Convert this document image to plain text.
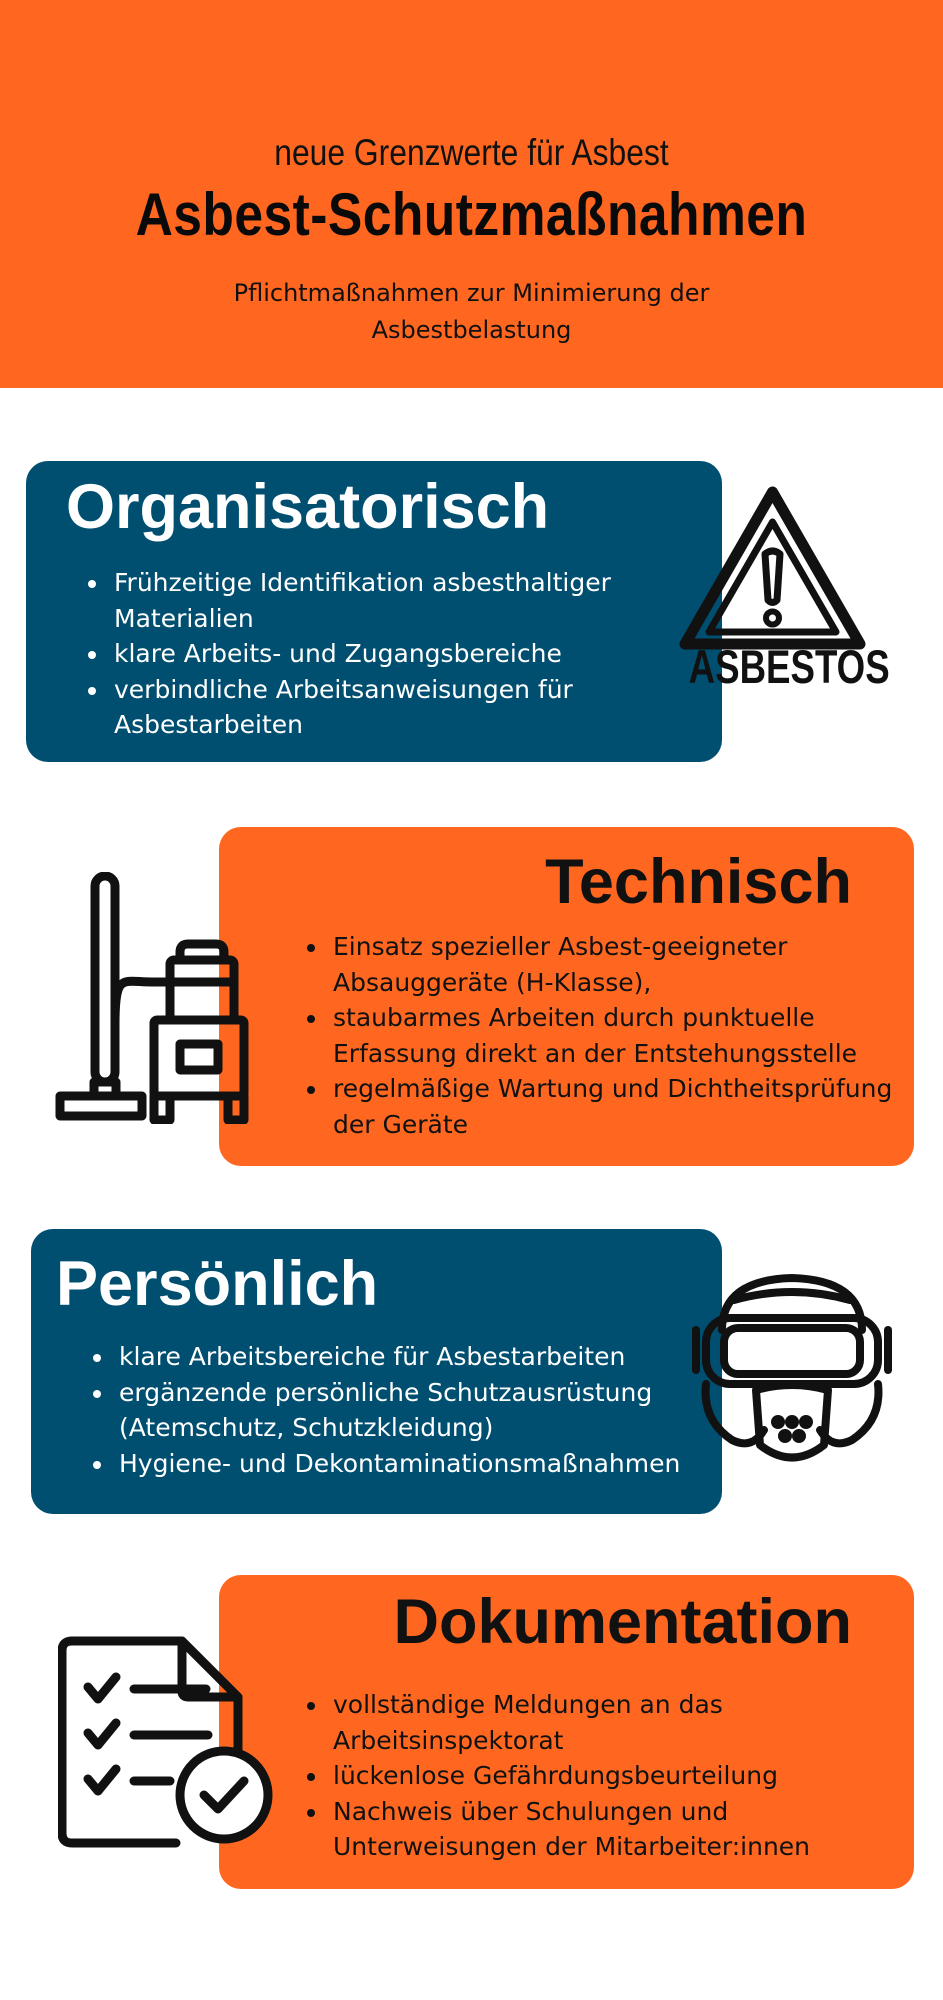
neue Grenzwerte für Asbest
Asbest-Schutzmaßnahmen
Pflichtmaßnahmen zur Minimierung der Asbestbelastung
Organisatorisch
• Frühzeitige Identifikation asbesthaltiger Materialien
• klare Arbeits- und Zugangsbereiche
• verbindliche Arbeitsanweisungen für Asbestarbeiten
ASBESTOS
Technisch
• Einsatz spezieller Asbest-geeigneter Absauggeräte (H-Klasse),
• staubarmes Arbeiten durch punktuelle Erfassung direkt an der Entstehungsstelle
• regelmäßige Wartung und Dichtheitsprüfung der Geräte
Persönlich
• klare Arbeitsbereiche für Asbestarbeiten
• ergänzende persönliche Schutzausrüstung (Atemschutz, Schutzkleidung)
• Hygiene- und Dekontaminationsmaßnahmen
Dokumentation
• vollständige Meldungen an das Arbeitsinspektorat
• lückenlose Gefährdungsbeurteilung
• Nachweis über Schulungen und Unterweisungen der Mitarbeiter:innen
